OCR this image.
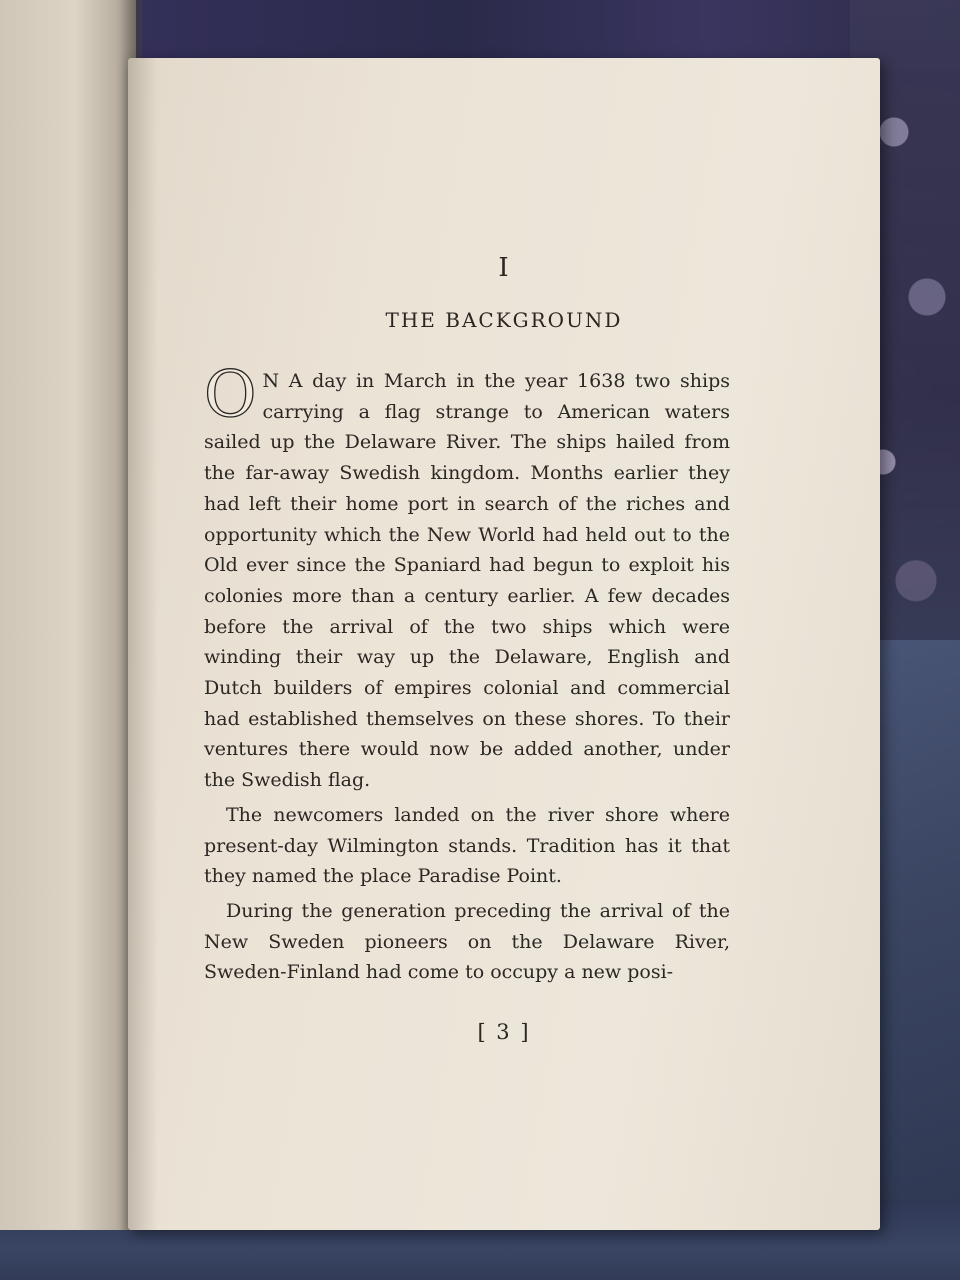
I
THE BACKGROUND

O N A day in March in the year 1638 two ships carrying a flag strange to American waters sailed up the Delaware River. The ships hailed from the far-away Swedish kingdom. Months earlier they had left their home port in search of the riches and opportunity which the New World had held out to the Old ever since the Spaniard had begun to exploit his colonies more than a century earlier. A few decades before the arrival of the two ships which were winding their way up the Delaware, English and Dutch builders of empires colonial and commercial had established themselves on these shores. To their ventures there would now be added another, under the Swedish flag.

The newcomers landed on the river shore where present-day Wilmington stands. Tradition has it that they named the place Paradise Point.

During the generation preceding the arrival of the New Sweden pioneers on the Delaware River, Sweden-Finland had come to occupy a new posi-

[ 3 ]
